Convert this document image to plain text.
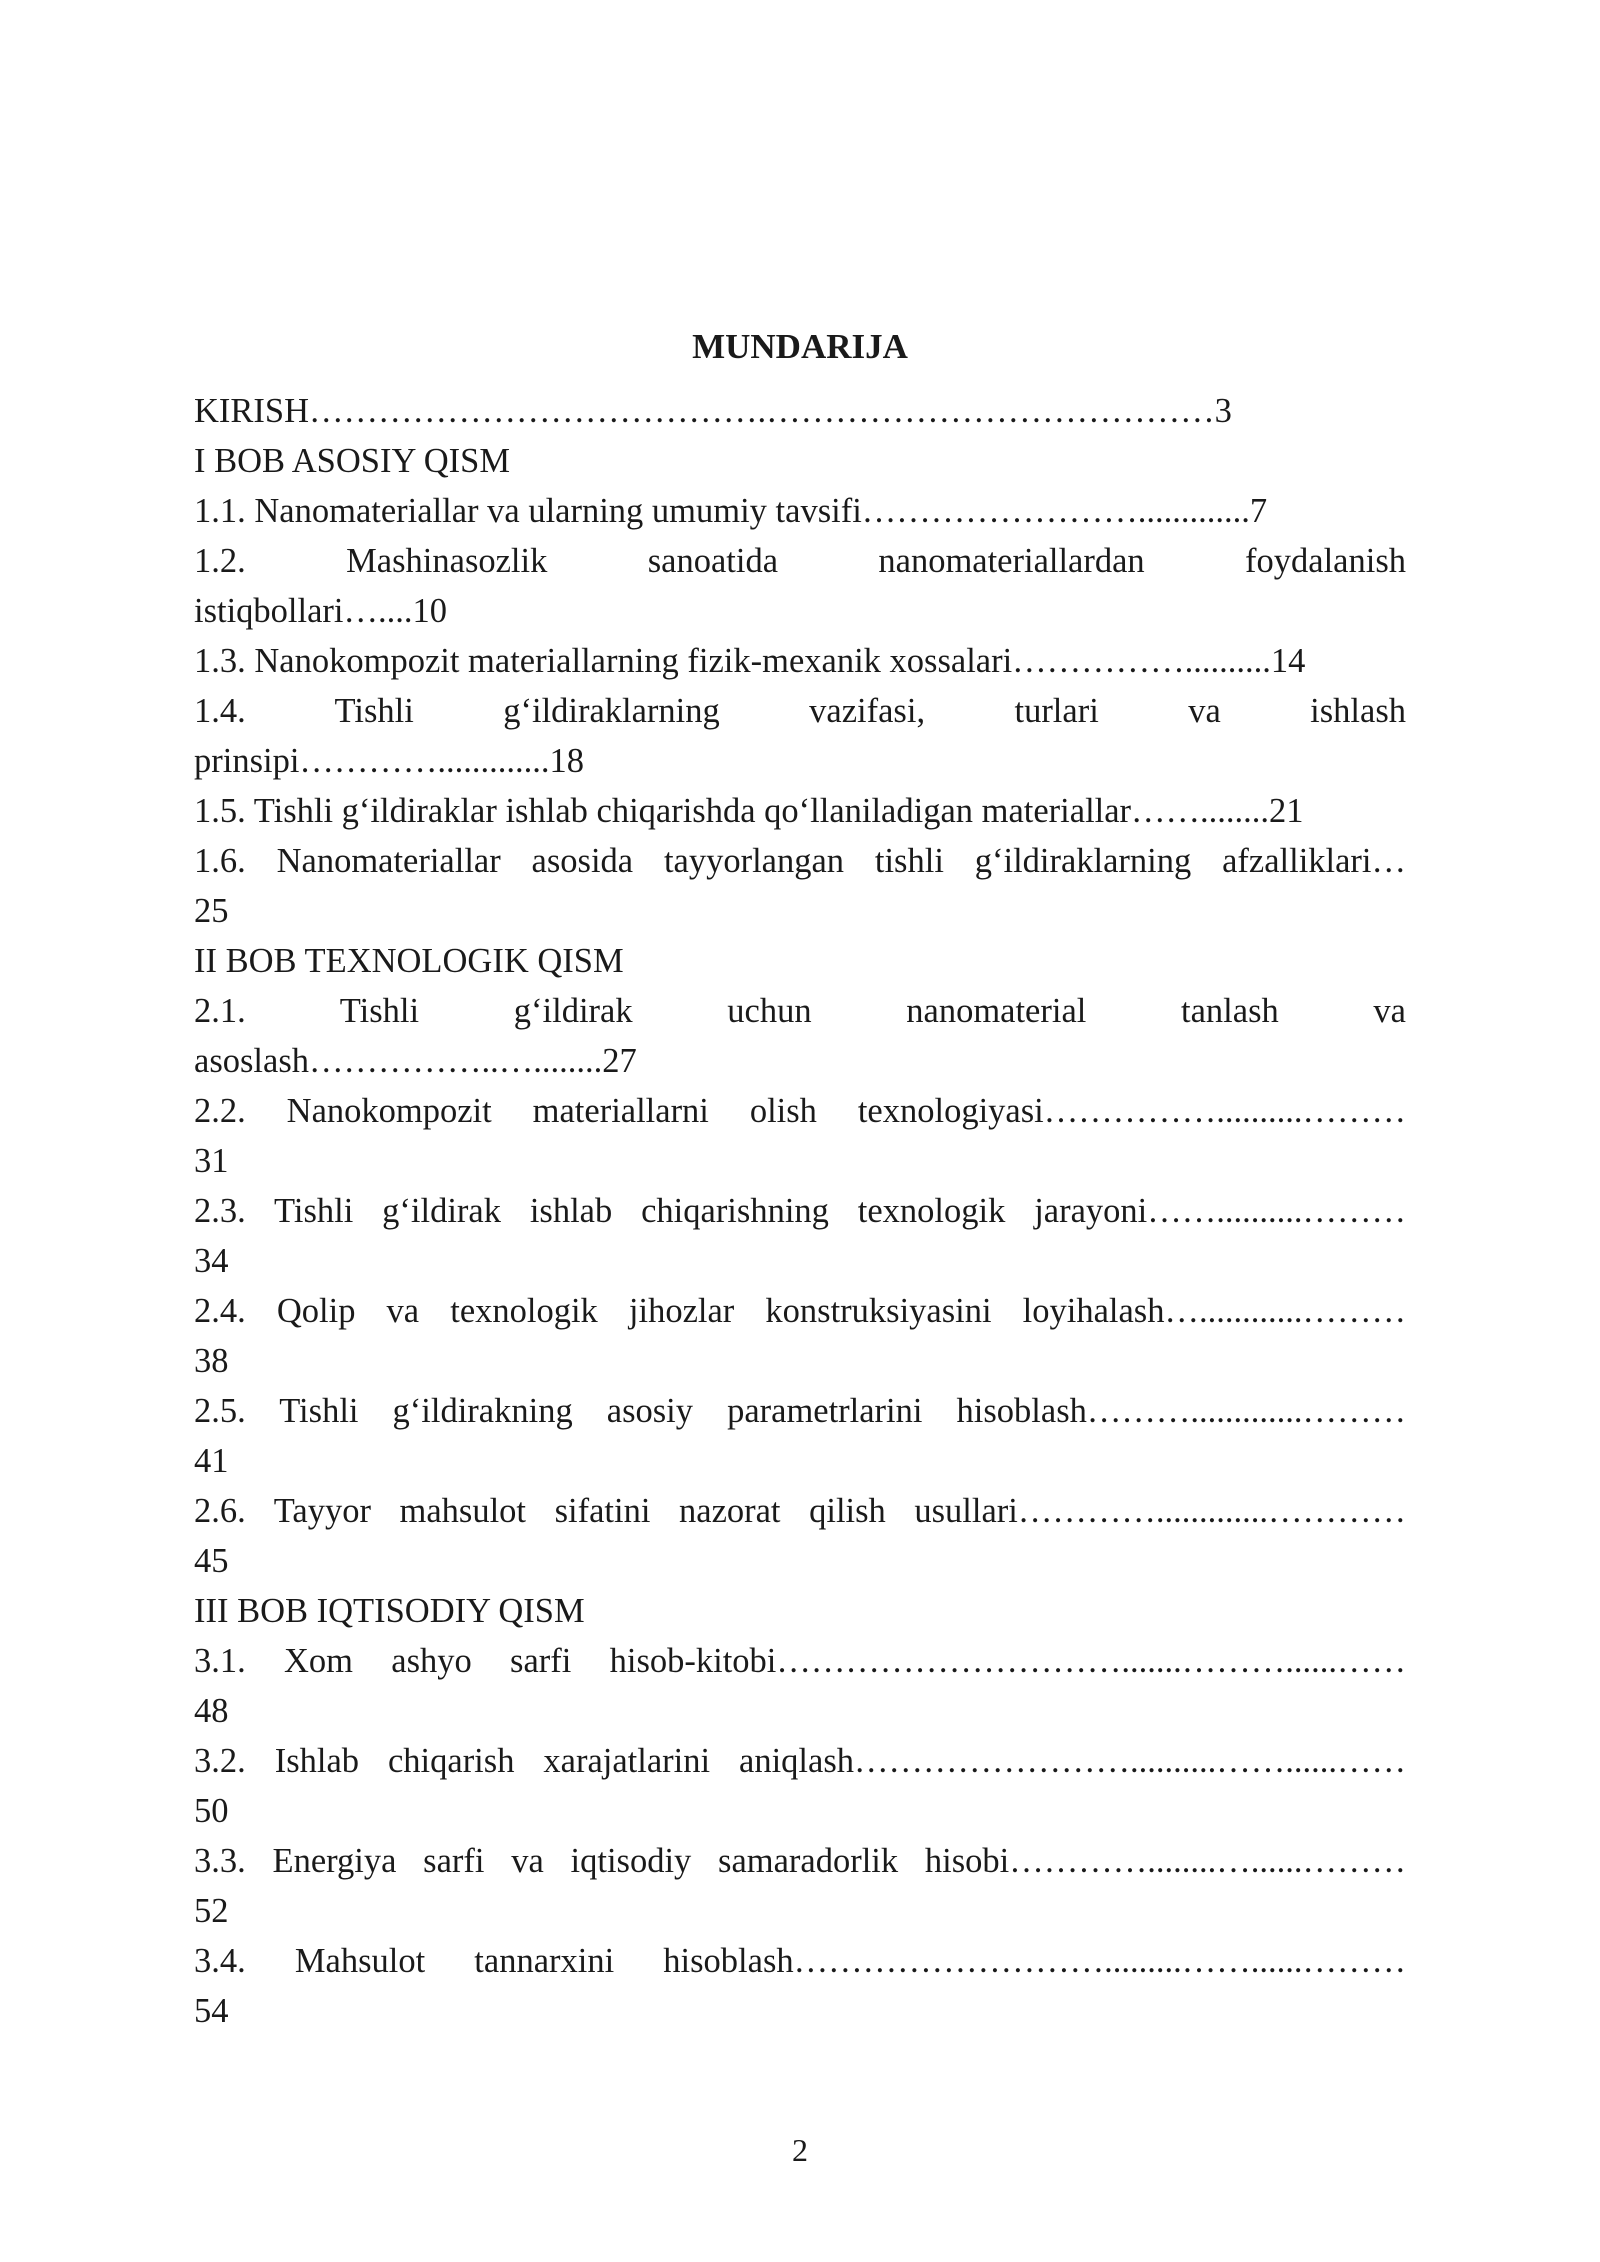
MUNDARIJA
KIRISH………………………………….…………………………………3
I BOB ASOSIY QISM
1.1. Nanomateriallar va ularning umumiy tavsifi…………………….............7
1.2. Mashinasozlik sanoatida nanomateriallardan foydalanish
istiqbollari…....10
1.3. Nanokompozit materiallarning fizik-mexanik xossalari……………..........14
1.4. Tishli g‘ildiraklarning vazifasi, turlari va ishlash
prinsipi………….............18
1.5. Tishli g‘ildiraklar ishlab chiqarishda qo‘llaniladigan materiallar……........21
1.6. Nanomateriallar asosida tayyorlangan tishli g‘ildiraklarning afzalliklari…
25
II BOB TEXNOLOGIK QISM
2.1. Tishli g‘ildirak uchun nanomaterial tanlash va
asoslash……………..…........27
2.2. Nanokompozit materiallarni olish texnologiyasi……………..........………
31
2.3. Tishli g‘ildirak ishlab chiqarishning texnologik jarayoni……..........………
34
2.4. Qolip va texnologik jihozlar konstruksiyasini loyihalash…............………
38
2.5. Tishli g‘ildirakning asosiy parametrlarini hisoblash……….............………
41
2.6. Tayyor mahsulot sifatini nazorat qilish usullari………….............…………
45
III BOB IQTISODIY QISM
3.1. Xom ashyo sarfi hisob-kitobi………………………….......………......……
48
3.2. Ishlab chiqarish xarajatlarini aniqlash……………………..........……......……
50
3.3. Energiya sarfi va iqtisodiy samaradorlik hisobi…………........…......………
52
3.4. Mahsulot tannarxini hisoblash……………………….........……......………
54
2
